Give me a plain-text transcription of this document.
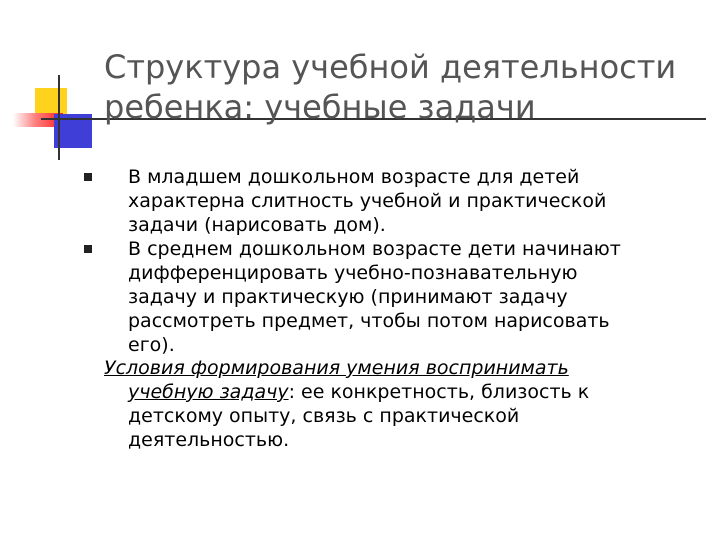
Структура учебной деятельности
ребенка: учебные задачи
В младшем дошкольном возрасте для детей
характерна слитность учебной и практической
задачи (нарисовать дом).
В среднем дошкольном возрасте дети начинают
дифференцировать учебно-познавательную
задачу и практическую (принимают задачу
рассмотреть предмет, чтобы потом нарисовать
его).

Условия формирования умения воспринимать
учебную задачу: ее конкретность, близость к
детскому опыту, связь с практической
деятельностью.
